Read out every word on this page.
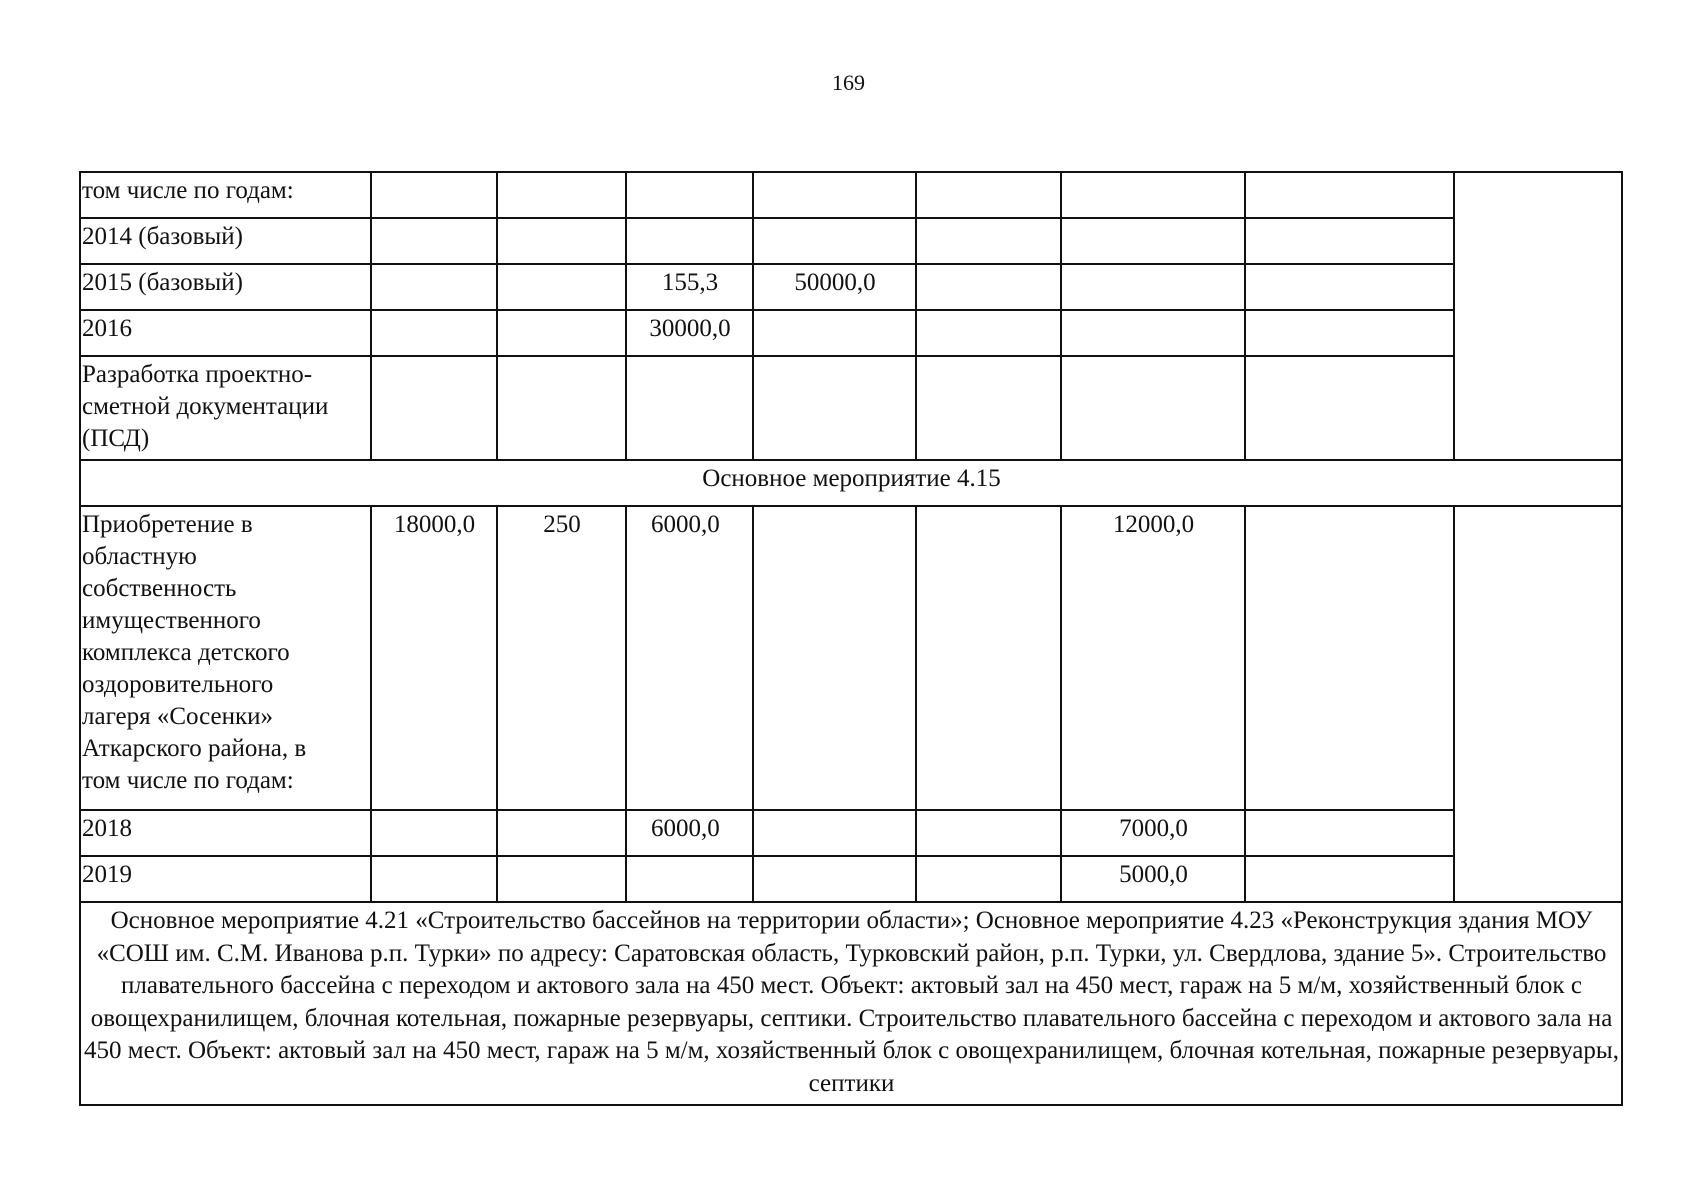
169
том числе по годам:								
2014 (базовый)								
2015 (базовый)			155,3	50000,0				
2016			30000,0					
Разработка проектно-сметной документации (ПСД)								
Основное мероприятие 4.15								
Приобретение в областную собственность имущественного комплекса детского оздоровительного лагеря «Сосенки» Аткарского района, в том числе по годам:	18000,0	250	6000,0			12000,0		
2018			6000,0			7000,0		
2019						5000,0		
Основное мероприятие 4.21 «Строительство бассейнов на территории области»; Основное мероприятие 4.23 «Реконструкция здания МОУ «СОШ им. С.М. Иванова р.п. Турки» по адресу: Саратовская область, Турковский район, р.п. Турки, ул. Свердлова, здание 5». Строительство плавательного бассейна с переходом и актового зала на 450 мест. Объект: актовый зал на 450 мест, гараж на 5 м/м, хозяйственный блок с овощехранилищем, блочная котельная, пожарные резервуары, септики. Строительство плавательного бассейна с переходом и актового зала на 450 мест. Объект: актовый зал на 450 мест, гараж на 5 м/м, хозяйственный блок с овощехранилищем, блочная котельная, пожарные резервуары, септики								
